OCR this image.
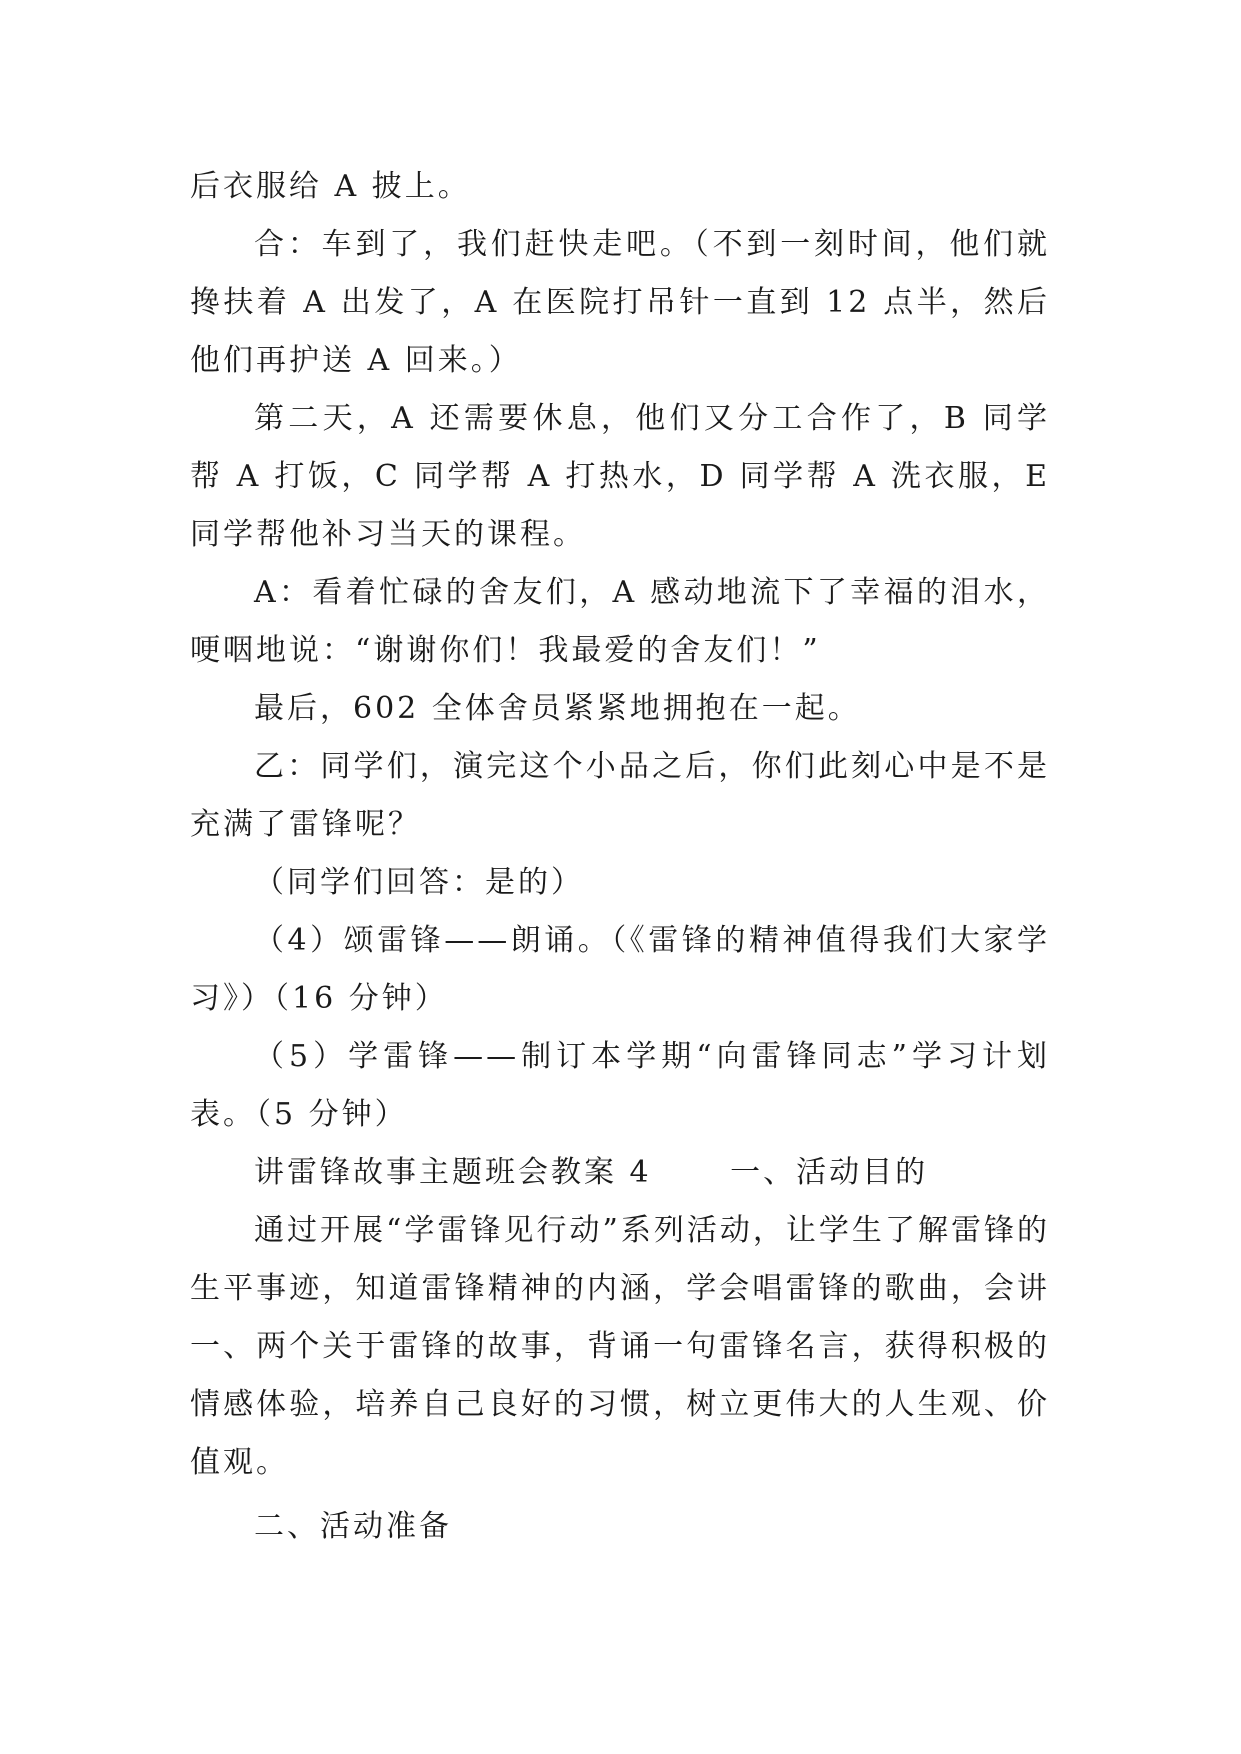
后衣服给 A 披上。

合：车到了，我们赶快走吧。（不到一刻时间，他们就搀扶着 A 出发了，A 在医院打吊针一直到 12 点半，然后他们再护送 A 回来。）

第二天，A 还需要休息，他们又分工合作了，B 同学帮 A 打饭，C 同学帮 A 打热水，D 同学帮 A 洗衣服，E 同学帮他补习当天的课程。

A：看着忙碌的舍友们，A 感动地流下了幸福的泪水，哽咽地说：“谢谢你们！我最爱的舍友们！”

最后，602 全体舍员紧紧地拥抱在一起。

乙：同学们，演完这个小品之后，你们此刻心中是不是充满了雷锋呢？

（同学们回答：是的）

（4）颂雷锋——朗诵。（《雷锋的精神值得我们大家学习》）（16 分钟）

（5）学雷锋——制订本学期“向雷锋同志”学习计划表。（5 分钟）

讲雷锋故事主题班会教案 4　　 一、活动目的

通过开展“学雷锋见行动”系列活动，让学生了解雷锋的生平事迹，知道雷锋精神的内涵，学会唱雷锋的歌曲，会讲一、两个关于雷锋的故事，背诵一句雷锋名言，获得积极的情感体验，培养自己良好的习惯，树立更伟大的人生观、价值观。

二、活动准备
